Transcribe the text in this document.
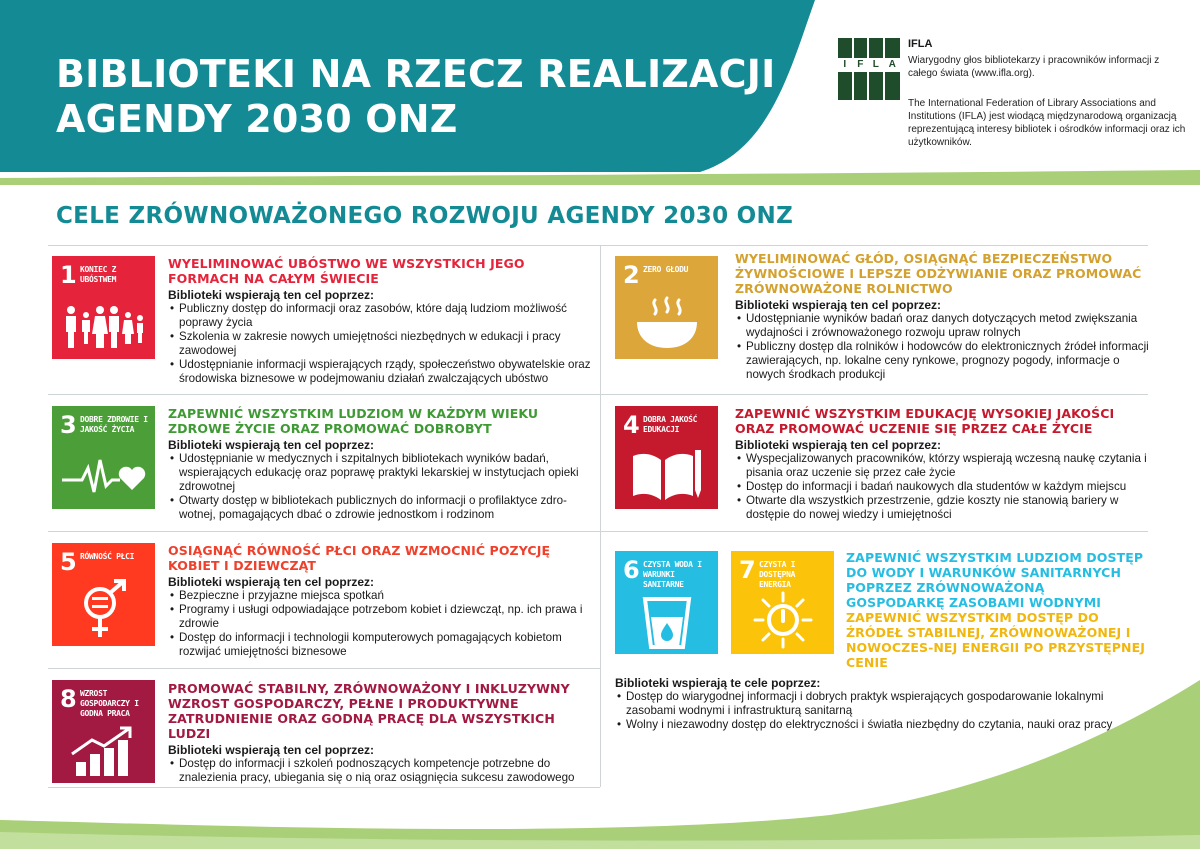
BIBLIOTEKI NA RZECZ REALIZACJI AGENDY 2030 ONZ
I	F L A
IFLA
Wiarygodny głos bibliotekarzy i pracowników informacji z całego świata (www.ifla.org).
The International Federation of Library Associations and Institutions (IFLA) jest wiodącą międzynarodową organizacją reprezentującą interesy bibliotek i ośrodków informacji oraz ich użytkowników.
CELE ZRÓWNOWAŻONEGO ROZWOJU AGENDY 2030 ONZ
1 KONIEC Z UBÓSTWEM
WYELIMINOWAĆ UBÓSTWO WE WSZYSTKICH JEGO FORMACH NA CAŁYM ŚWIECIE
Biblioteki wspierają ten cel poprzez:
• Publiczny dostęp do informacji oraz zasobów, które dają ludziom możliwość poprawy życia
• Szkolenia w zakresie nowych umiejętności niezbędnych w edukacji i pracy zawodowej
• Udostępnianie informacji wspierających rządy, społeczeństwo obywatelskie oraz środowiska biznesowe w podejmowaniu działań zwalczających ubóstwo
2 ZERO GŁODU
WYELIMINOWAĆ GŁÓD, OSIĄGNĄĆ BEZPIECZEŃSTWO ŻYWNOŚCIOWE I LEPSZE ODŻYWIANIE ORAZ PROMOWAĆ ZRÓWNOWAŻONE ROLNICTWO
Biblioteki wspierają ten cel poprzez:
• Udostępnianie wyników badań oraz danych dotyczących metod zwiększania wydajności i zrównoważonego rozwoju upraw rolnych
• Publiczny dostęp dla rolników i hodowców do elektronicznych źródeł informacji zawierających, np. lokalne ceny rynkowe, prognozy pogody, informacje o nowych środkach produkcji
3 DOBRE ZDROWIE I JAKOŚĆ ŻYCIA
ZAPEWNIĆ WSZYSTKIM LUDZIOM W KAŻDYM WIEKU ZDROWE ŻYCIE ORAZ PROMOWAĆ DOBROBYT
Biblioteki wspierają ten cel poprzez:
• Udostępnianie w medycznych i szpitalnych bibliotekach wyników badań, wspierających edukację oraz poprawę praktyki lekarskiej w instytucjach opieki zdrowotnej
• Otwarty dostęp w bibliotekach publicznych do informacji o profilaktyce zdro-wotnej, pomagających dbać o zdrowie jednostkom i rodzinom
4 DOBRA JAKOŚĆ EDUKACJI
ZAPEWNIĆ WSZYSTKIM EDUKACJĘ WYSOKIEJ JAKOŚCI ORAZ PROMOWAĆ UCZENIE SIĘ PRZEZ CAŁE ŻYCIE
Biblioteki wspierają ten cel poprzez:
• Wyspecjalizowanych pracowników, którzy wspierają wczesną naukę czytania i pisania oraz uczenie się przez całe życie
• Dostęp do informacji i badań naukowych dla studentów w każdym miejscu
• Otwarte dla wszystkich przestrzenie, gdzie koszty nie stanowią bariery w dostępie do nowej wiedzy i umiejętności
5 RÓWNOŚĆ PŁCI	OSIĄGNĄĆ RÓWNOŚĆ PŁCI ORAZ WZMOCNIĆ POZYCJĘ KOBIET I DZIEWCZĄT
Biblioteki wspierają ten cel poprzez:
• Bezpieczne i przyjazne miejsca spotkań
• Programy i usługi odpowiadające potrzebom kobiet i dziewcząt, np. ich prawa i zdrowie
• Dostęp do informacji i technologii komputerowych pomagających kobietom rozwijać umiejętności biznesowe
8 WZROST GOSPODARCZY I GODNA PRACA
PROMOWAĆ STABILNY, ZRÓWNOWAŻONY I INKLUZYWNY WZROST GOSPODARCZY, PEŁNE I PRODUKTYWNE ZATRUDNIENIE ORAZ GODNĄ PRACĘ DLA WSZYSTKICH LUDZI
Biblioteki wspierają ten cel poprzez:
• Dostęp do informacji i szkoleń podnoszących kompetencje potrzebne do znalezienia pracy, ubiegania się o nią oraz osiągnięcia sukcesu zawodowego
6 CZYSTA WODA I WARUNKI SANITARNE
7 CZYSTA I DOSTĘPNA ENERGIA
ZAPEWNIĆ WSZYSTKIM LUDZIOM DOSTĘP DO WODY I WARUNKÓW SANITARNYCH POPRZEZ ZRÓWNOWAŻONĄ GOSPODARKĘ ZASOBAMI WODNYMI
ZAPEWNIĆ WSZYSTKIM DOSTĘP DO ŹRÓDEŁ STABILNEJ, ZRÓWNOWAŻONEJ I NOWOCZES-NEJ ENERGII PO PRZYSTĘPNEJ CENIE
Biblioteki wspierają te cele poprzez:
• Dostęp do wiarygodnej informacji i dobrych praktyk wspierających gospodarowanie lokalnymi zasobami wodnymi i infrastrukturą sanitarną
• Wolny i niezawodny dostęp do elektryczności i światła niezbędny do czytania, nauki oraz pracy
